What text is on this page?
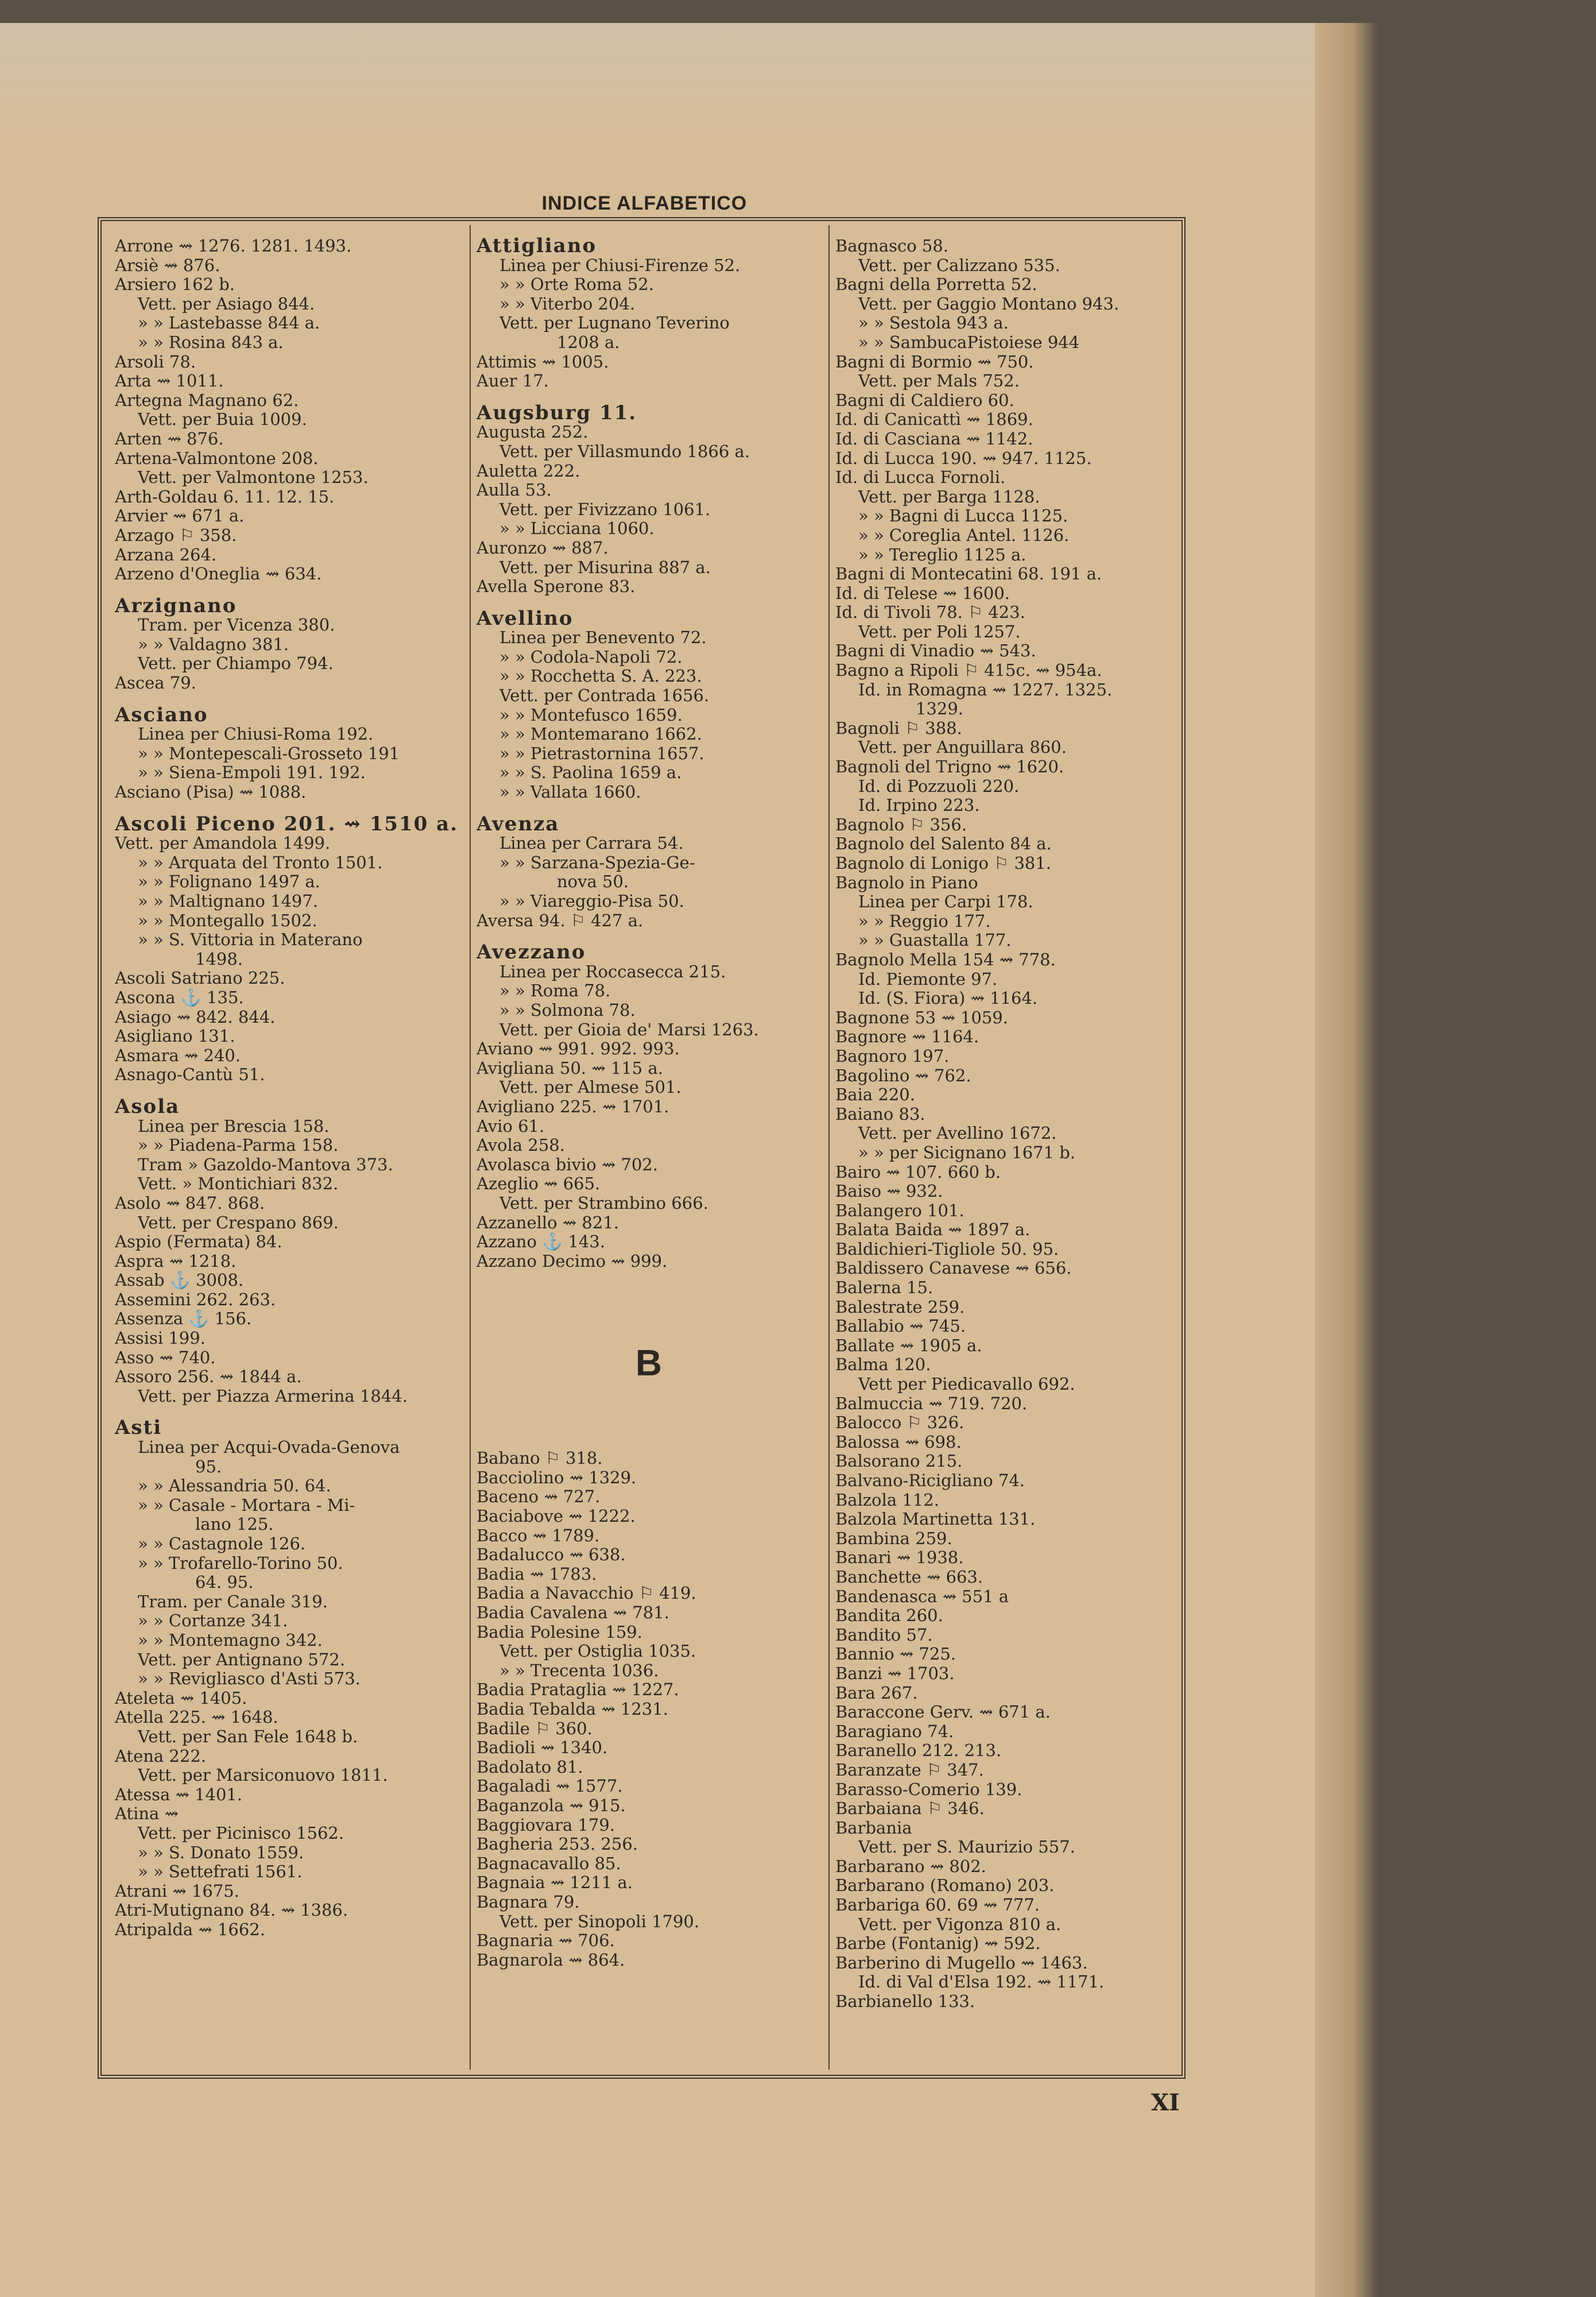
INDICE ALFABETICO
Arrone ⇝ 1276. 1281. 1493.
Arsiè ⇝ 876.
Arsiero 162 b.
Vett. per Asiago 844.
» » Lastebasse 844 a.
» » Rosina 843 a.
Arsoli 78.
Arta ⇝ 1011.
Artegna Magnano 62.
Vett. per Buia 1009.
Arten ⇝ 876.
Artena-Valmontone 208.
Vett. per Valmontone 1253.
Arth-Goldau 6. 11. 12. 15.
Arvier ⇝ 671 a.
Arzago ⚐ 358.
Arzana 264.
Arzeno d'Oneglia ⇝ 634.
Arzignano
Tram. per Vicenza 380.
» » Valdagno 381.
Vett. per Chiampo 794.
Ascea 79.
Asciano
Linea per Chiusi-Roma 192.
» » Montepescali-Grosseto 191
» » Siena-Empoli 191. 192.
Asciano (Pisa) ⇝ 1088.
Ascoli Piceno 201. ⇝ 1510 a.
Vett. per Amandola 1499.
» » Arquata del Tronto 1501.
» » Folignano 1497 a.
» » Maltignano 1497.
» » Montegallo 1502.
» » S. Vittoria in Materano
1498.
Ascoli Satriano 225.
Ascona ⚓ 135.
Asiago ⇝ 842. 844.
Asigliano 131.
Asmara ⇝ 240.
Asnago-Cantù 51.
Asola
Linea per Brescia 158.
» » Piadena-Parma 158.
Tram » Gazoldo-Mantova 373.
Vett. » Montichiari 832.
Asolo ⇝ 847. 868.
Vett. per Crespano 869.
Aspio (Fermata) 84.
Aspra ⇝ 1218.
Assab ⚓ 3008.
Assemini 262. 263.
Assenza ⚓ 156.
Assisi 199.
Asso ⇝ 740.
Assoro 256. ⇝ 1844 a.
Vett. per Piazza Armerina 1844.
Asti
Linea per Acqui-Ovada-Genova
95.
» » Alessandria 50. 64.
» » Casale - Mortara - Mi-
lano 125.
» » Castagnole 126.
» » Trofarello-Torino 50.
64. 95.
Tram. per Canale 319.
» » Cortanze 341.
» » Montemagno 342.
Vett. per Antignano 572.
» » Revigliasco d'Asti 573.
Ateleta ⇝ 1405.
Atella 225. ⇝ 1648.
Vett. per San Fele 1648 b.
Atena 222.
Vett. per Marsiconuovo 1811.
Atessa ⇝ 1401.
Atina ⇝
Vett. per Picinisco 1562.
» » S. Donato 1559.
» » Settefrati 1561.
Atrani ⇝ 1675.
Atri-Mutignano 84. ⇝ 1386.
Atripalda ⇝ 1662.
Attigliano
Linea per Chiusi-Firenze 52.
» » Orte Roma 52.
» » Viterbo 204.
Vett. per Lugnano Teverino
1208 a.
Attimis ⇝ 1005.
Auer 17.
Augsburg 11.
Augusta 252.
Vett. per Villasmundo 1866 a.
Auletta 222.
Aulla 53.
Vett. per Fivizzano 1061.
» » Licciana 1060.
Auronzo ⇝ 887.
Vett. per Misurina 887 a.
Avella Sperone 83.
Avellino
Linea per Benevento 72.
» » Codola-Napoli 72.
» » Rocchetta S. A. 223.
Vett. per Contrada 1656.
» » Montefusco 1659.
» » Montemarano 1662.
» » Pietrastornina 1657.
» » S. Paolina 1659 a.
» » Vallata 1660.
Avenza
Linea per Carrara 54.
» » Sarzana-Spezia-Ge-
nova 50.
» » Viareggio-Pisa 50.
Aversa 94. ⚐ 427 a.
Avezzano
Linea per Roccasecca 215.
» » Roma 78.
» » Solmona 78.
Vett. per Gioia de' Marsi 1263.
Aviano ⇝ 991. 992. 993.
Avigliana 50. ⇝ 115 a.
Vett. per Almese 501.
Avigliano 225. ⇝ 1701.
Avio 61.
Avola 258.
Avolasca bivio ⇝ 702.
Azeglio ⇝ 665.
Vett. per Strambino 666.
Azzanello ⇝ 821.
Azzano ⚓ 143.
Azzano Decimo ⇝ 999.
B
Babano ⚐ 318.
Bacciolino ⇝ 1329.
Baceno ⇝ 727.
Baciabove ⇝ 1222.
Bacco ⇝ 1789.
Badalucco ⇝ 638.
Badia ⇝ 1783.
Badia a Navacchio ⚐ 419.
Badia Cavalena ⇝ 781.
Badia Polesine 159.
Vett. per Ostiglia 1035.
» » Trecenta 1036.
Badia Prataglia ⇝ 1227.
Badia Tebalda ⇝ 1231.
Badile ⚐ 360.
Badioli ⇝ 1340.
Badolato 81.
Bagaladi ⇝ 1577.
Baganzola ⇝ 915.
Baggiovara 179.
Bagheria 253. 256.
Bagnacavallo 85.
Bagnaia ⇝ 1211 a.
Bagnara 79.
Vett. per Sinopoli 1790.
Bagnaria ⇝ 706.
Bagnarola ⇝ 864.
Bagnasco 58.
Vett. per Calizzano 535.
Bagni della Porretta 52.
Vett. per Gaggio Montano 943.
» » Sestola 943 a.
» » SambucaPistoiese 944
Bagni di Bormio ⇝ 750.
Vett. per Mals 752.
Bagni di Caldiero 60.
Id. di Canicattì ⇝ 1869.
Id. di Casciana ⇝ 1142.
Id. di Lucca 190. ⇝ 947. 1125.
Id. di Lucca Fornoli.
Vett. per Barga 1128.
» » Bagni di Lucca 1125.
» » Coreglia Antel. 1126.
» » Tereglio 1125 a.
Bagni di Montecatini 68. 191 a.
Id. di Telese ⇝ 1600.
Id. di Tivoli 78. ⚐ 423.
Vett. per Poli 1257.
Bagni di Vinadio ⇝ 543.
Bagno a Ripoli ⚐ 415c. ⇝ 954a.
Id. in Romagna ⇝ 1227. 1325.
1329.
Bagnoli ⚐ 388.
Vett. per Anguillara 860.
Bagnoli del Trigno ⇝ 1620.
Id. di Pozzuoli 220.
Id. Irpino 223.
Bagnolo ⚐ 356.
Bagnolo del Salento 84 a.
Bagnolo di Lonigo ⚐ 381.
Bagnolo in Piano
Linea per Carpi 178.
» » Reggio 177.
» » Guastalla 177.
Bagnolo Mella 154 ⇝ 778.
Id. Piemonte 97.
Id. (S. Fiora) ⇝ 1164.
Bagnone 53 ⇝ 1059.
Bagnore ⇝ 1164.
Bagnoro 197.
Bagolino ⇝ 762.
Baia 220.
Baiano 83.
Vett. per Avellino 1672.
» » per Sicignano 1671 b.
Bairo ⇝ 107. 660 b.
Baiso ⇝ 932.
Balangero 101.
Balata Baida ⇝ 1897 a.
Baldichieri-Tigliole 50. 95.
Baldissero Canavese ⇝ 656.
Balerna 15.
Balestrate 259.
Ballabio ⇝ 745.
Ballate ⇝ 1905 a.
Balma 120.
Vett per Piedicavallo 692.
Balmuccia ⇝ 719. 720.
Balocco ⚐ 326.
Balossa ⇝ 698.
Balsorano 215.
Balvano-Ricigliano 74.
Balzola 112.
Balzola Martinetta 131.
Bambina 259.
Banari ⇝ 1938.
Banchette ⇝ 663.
Bandenasca ⇝ 551 a
Bandita 260.
Bandito 57.
Bannio ⇝ 725.
Banzi ⇝ 1703.
Bara 267.
Baraccone Gerv. ⇝ 671 a.
Baragiano 74.
Baranello 212. 213.
Baranzate ⚐ 347.
Barasso-Comerio 139.
Barbaiana ⚐ 346.
Barbania
Vett. per S. Maurizio 557.
Barbarano ⇝ 802.
Barbarano (Romano) 203.
Barbariga 60. 69 ⇝ 777.
Vett. per Vigonza 810 a.
Barbe (Fontanig) ⇝ 592.
Barberino di Mugello ⇝ 1463.
Id. di Val d'Elsa 192. ⇝ 1171.
Barbianello 133.
XI
